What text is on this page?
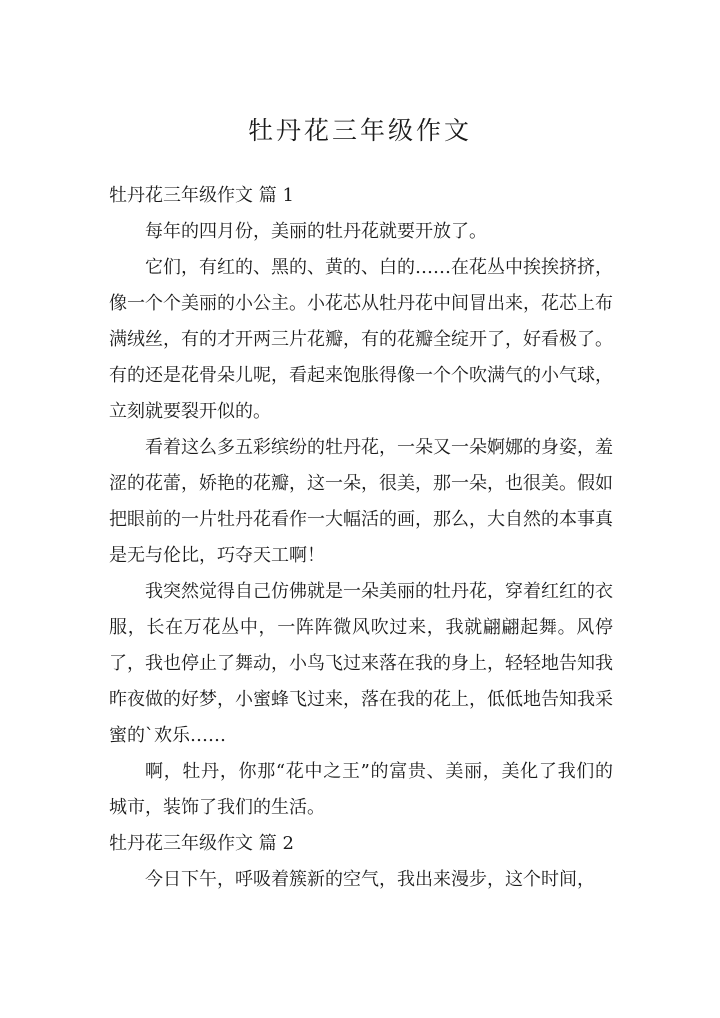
牡丹花三年级作文
牡丹花三年级作文 篇 1

每年的四月份，美丽的牡丹花就要开放了。

它们，有红的、黑的、黄的、白的……在花丛中挨挨挤挤，像一个个美丽的小公主。小花芯从牡丹花中间冒出来，花芯上布满绒丝，有的才开两三片花瓣，有的花瓣全绽开了，好看极了。有的还是花骨朵儿呢，看起来饱胀得像一个个吹满气的小气球，立刻就要裂开似的。

看着这么多五彩缤纷的牡丹花，一朵又一朵婀娜的身姿，羞涩的花蕾，娇艳的花瓣，这一朵，很美，那一朵，也很美。假如把眼前的一片牡丹花看作一大幅活的画，那么，大自然的本事真是无与伦比，巧夺天工啊！

我突然觉得自己仿佛就是一朵美丽的牡丹花，穿着红红的衣服，长在万花丛中，一阵阵微风吹过来，我就翩翩起舞。风停了，我也停止了舞动，小鸟飞过来落在我的身上，轻轻地告知我昨夜做的好梦，小蜜蜂飞过来，落在我的花上，低低地告知我采蜜的`欢乐……

啊，牡丹，你那“花中之王”的富贵、美丽，美化了我们的城市，装饰了我们的生活。

牡丹花三年级作文 篇 2

今日下午，呼吸着簇新的空气，我出来漫步，这个时间，
